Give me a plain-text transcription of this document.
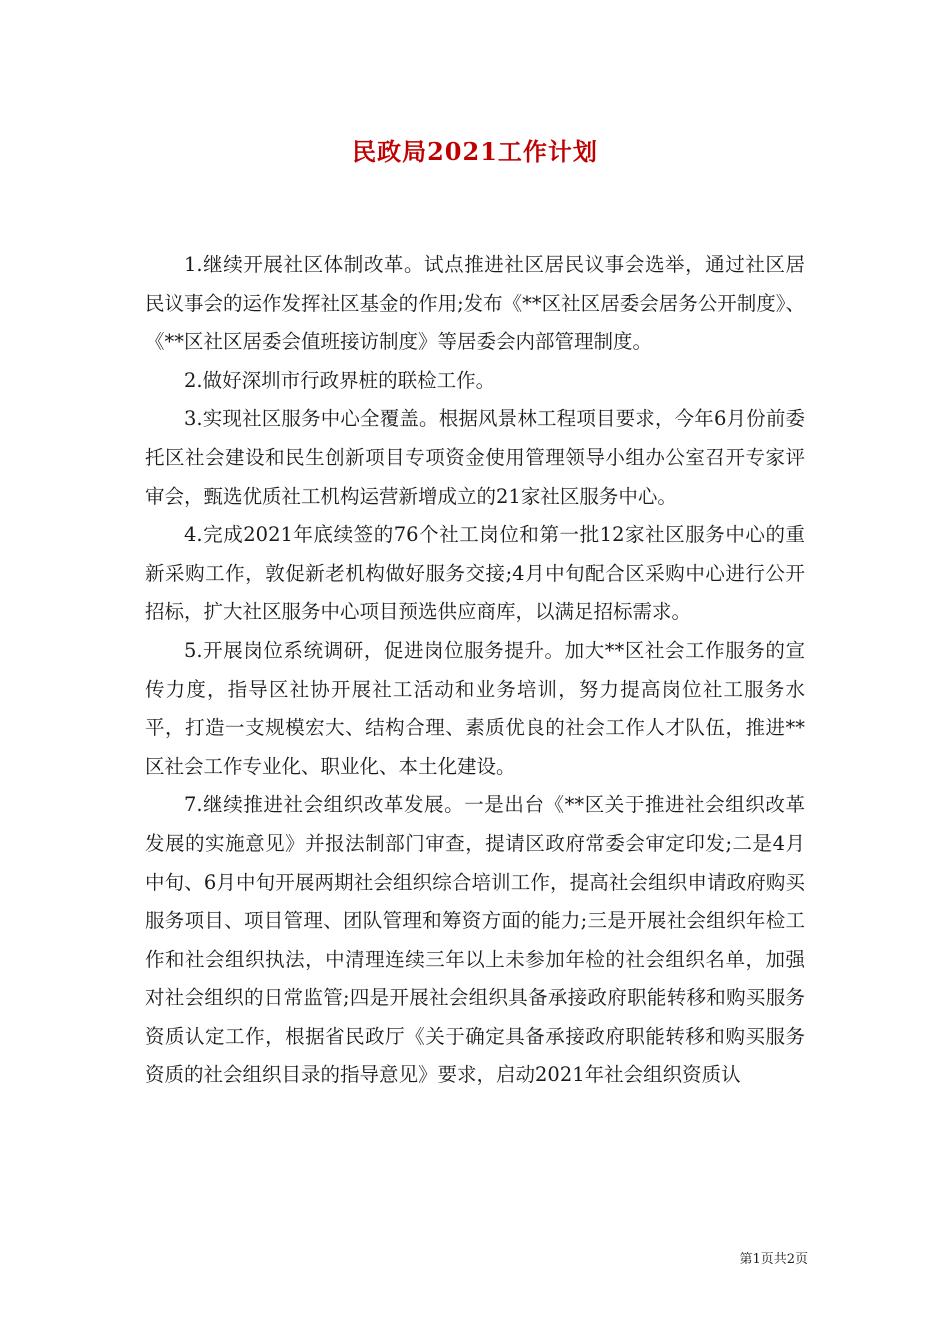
民政局2021工作计划

1.继续开展社区体制改革。试点推进社区居民议事会选举，通过社区居民议事会的运作发挥社区基金的作用;发布《**区社区居委会居务公开制度》、《**区社区居委会值班接访制度》等居委会内部管理制度。

2.做好深圳市行政界桩的联检工作。

3.实现社区服务中心全覆盖。根据风景林工程项目要求，今年6月份前委托区社会建设和民生创新项目专项资金使用管理领导小组办公室召开专家评审会，甄选优质社工机构运营新增成立的21家社区服务中心。

4.完成2021年底续签的76个社工岗位和第一批12家社区服务中心的重新采购工作，敦促新老机构做好服务交接;4月中旬配合区采购中心进行公开招标，扩大社区服务中心项目预选供应商库，以满足招标需求。

5.开展岗位系统调研，促进岗位服务提升。加大**区社会工作服务的宣传力度，指导区社协开展社工活动和业务培训，努力提高岗位社工服务水平，打造一支规模宏大、结构合理、素质优良的社会工作人才队伍，推进**区社会工作专业化、职业化、本土化建设。

7.继续推进社会组织改革发展。一是出台《**区关于推进社会组织改革发展的实施意见》并报法制部门审查，提请区政府常委会审定印发;二是4月中旬、6月中旬开展两期社会组织综合培训工作，提高社会组织申请政府购买服务项目、项目管理、团队管理和筹资方面的能力;三是开展社会组织年检工作和社会组织执法，中清理连续三年以上未参加年检的社会组织名单，加强对社会组织的日常监管;四是开展社会组织具备承接政府职能转移和购买服务资质认定工作，根据省民政厅《关于确定具备承接政府职能转移和购买服务资质的社会组织目录的指导意见》要求，启动2021年社会组织资质认

第1页共2页
